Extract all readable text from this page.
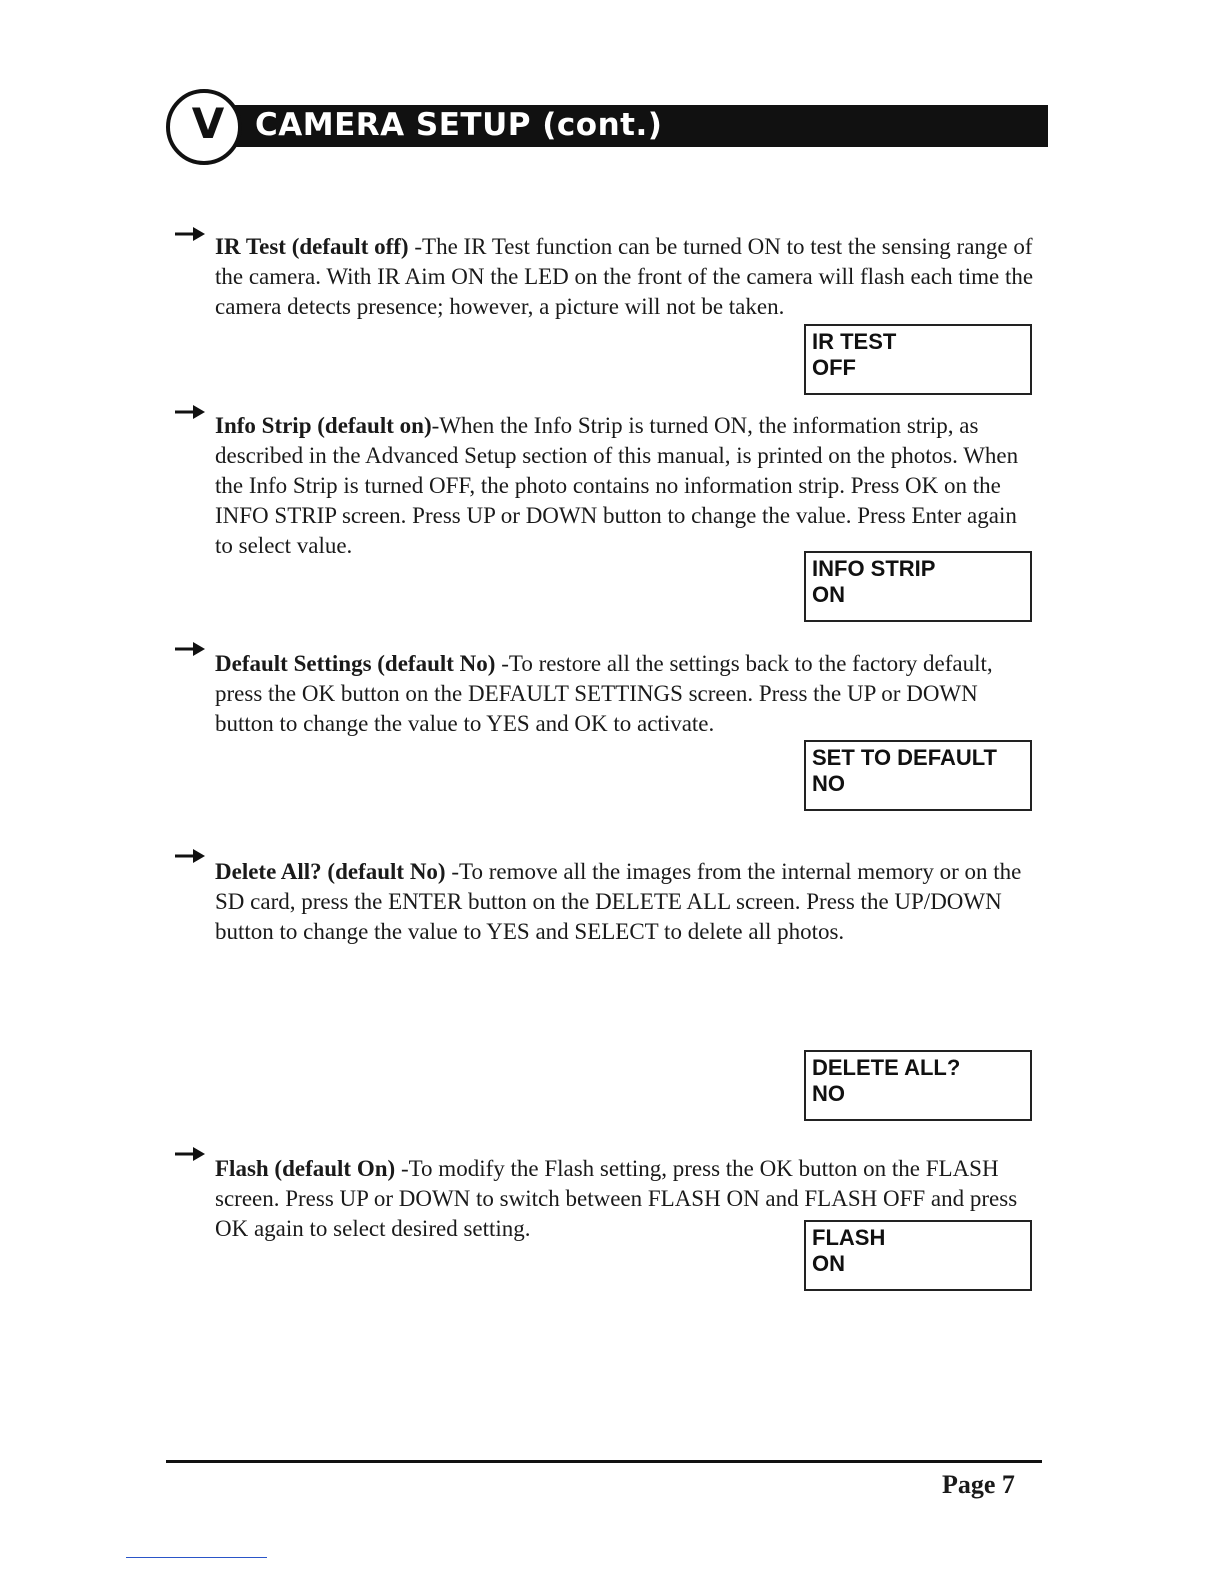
V CAMERA SETUP (cont.)

IR Test (default off) -The IR Test function can be turned ON to test the sensing range of the camera. With IR Aim ON the LED on the front of the camera will flash each time the camera detects presence; however, a picture will not be taken.

IR TEST
OFF

Info Strip (default on)-When the Info Strip is turned ON, the information strip, as described in the Advanced Setup section of this manual, is printed on the photos. When the Info Strip is turned OFF, the photo contains no information strip. Press OK on the INFO STRIP screen. Press UP or DOWN button to change the value. Press Enter again to select value.

INFO STRIP
ON

Default Settings (default No) -To restore all the settings back to the factory default, press the OK button on the DEFAULT SETTINGS screen. Press the UP or DOWN button to change the value to YES and OK to activate.

SET TO DEFAULT
NO

Delete All? (default No) -To remove all the images from the internal memory or on the SD card, press the ENTER button on the DELETE ALL screen. Press the UP/DOWN button to change the value to YES and SELECT to delete all photos.

DELETE ALL?
NO

Flash (default On) -To modify the Flash setting, press the OK button on the FLASH screen. Press UP or DOWN to switch between FLASH ON and FLASH OFF and press OK again to select desired setting.	FLASH
ON
Page 7
